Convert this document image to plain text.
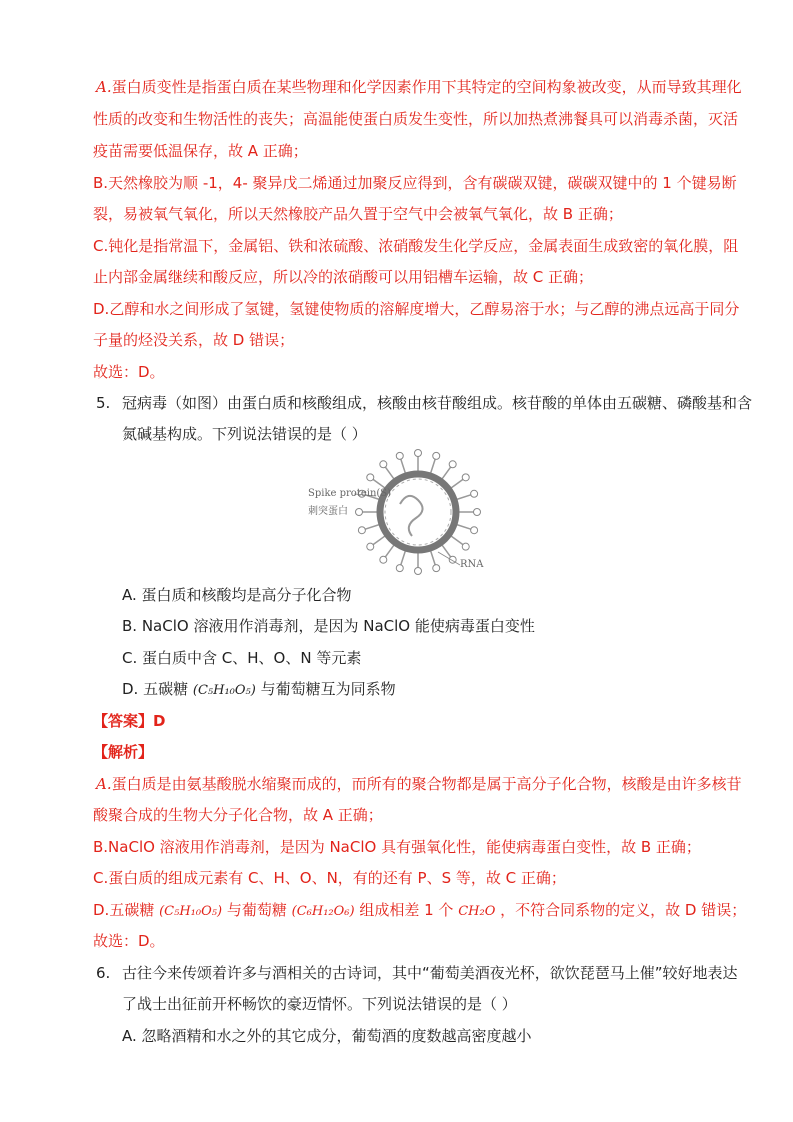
A.蛋白质变性是指蛋白质在某些物理和化学因素作用下其特定的空间构象被改变，从而导致其理化
性质的改变和生物活性的丧失；高温能使蛋白质发生变性，所以加热煮沸餐具可以消毒杀菌，灭活
疫苗需要低温保存，故 A 正确；
B.天然橡胶为顺 -1，4- 聚异戊二烯通过加聚反应得到，含有碳碳双键，碳碳双键中的 1 个键易断
裂，易被氧气氧化，所以天然橡胶产品久置于空气中会被氧气氧化，故 B 正确；
C.钝化是指常温下，金属铝、铁和浓硫酸、浓硝酸发生化学反应，金属表面生成致密的氧化膜，阻
止内部金属继续和酸反应，所以冷的浓硝酸可以用铝槽车运输，故 C 正确；
D.乙醇和水之间形成了氢键，氢键使物质的溶解度增大，乙醇易溶于水；与乙醇的沸点远高于同分
子量的烃没关系，故 D 错误；
故选：D。
5. 冠病毒（如图）由蛋白质和核酸组成，核酸由核苷酸组成。核苷酸的单体由五碳糖、磷酸基和含
氮碱基构成。下列说法错误的是（ ）
Spike protein(S)
刺突蛋白
RNA
A. 蛋白质和核酸均是高分子化合物
B. NaClO 溶液用作消毒剂，是因为 NaClO 能使病毒蛋白变性
C. 蛋白质中含 C、H、O、N 等元素
D. 五碳糖 (C₅H₁₀O₅) 与葡萄糖互为同系物
【答案】D
【解析】
A.蛋白质是由氨基酸脱水缩聚而成的，而所有的聚合物都是属于高分子化合物，核酸是由许多核苷
酸聚合成的生物大分子化合物，故 A 正确；
B.NaClO 溶液用作消毒剂，是因为 NaClO 具有强氧化性，能使病毒蛋白变性，故 B 正确；
C.蛋白质的组成元素有 C、H、O、N，有的还有 P、S 等，故 C 正确；
D.五碳糖 (C₅H₁₀O₅) 与葡萄糖 (C₆H₁₂O₆) 组成相差 1 个 CH₂O ，不符合同系物的定义，故 D 错误；
故选：D。
6. 古往今来传颂着许多与酒相关的古诗词，其中“葡萄美酒夜光杯，欲饮琵琶马上催”较好地表达
了战士出征前开杯畅饮的豪迈情怀。下列说法错误的是（ ）
A. 忽略酒精和水之外的其它成分，葡萄酒的度数越高密度越小
